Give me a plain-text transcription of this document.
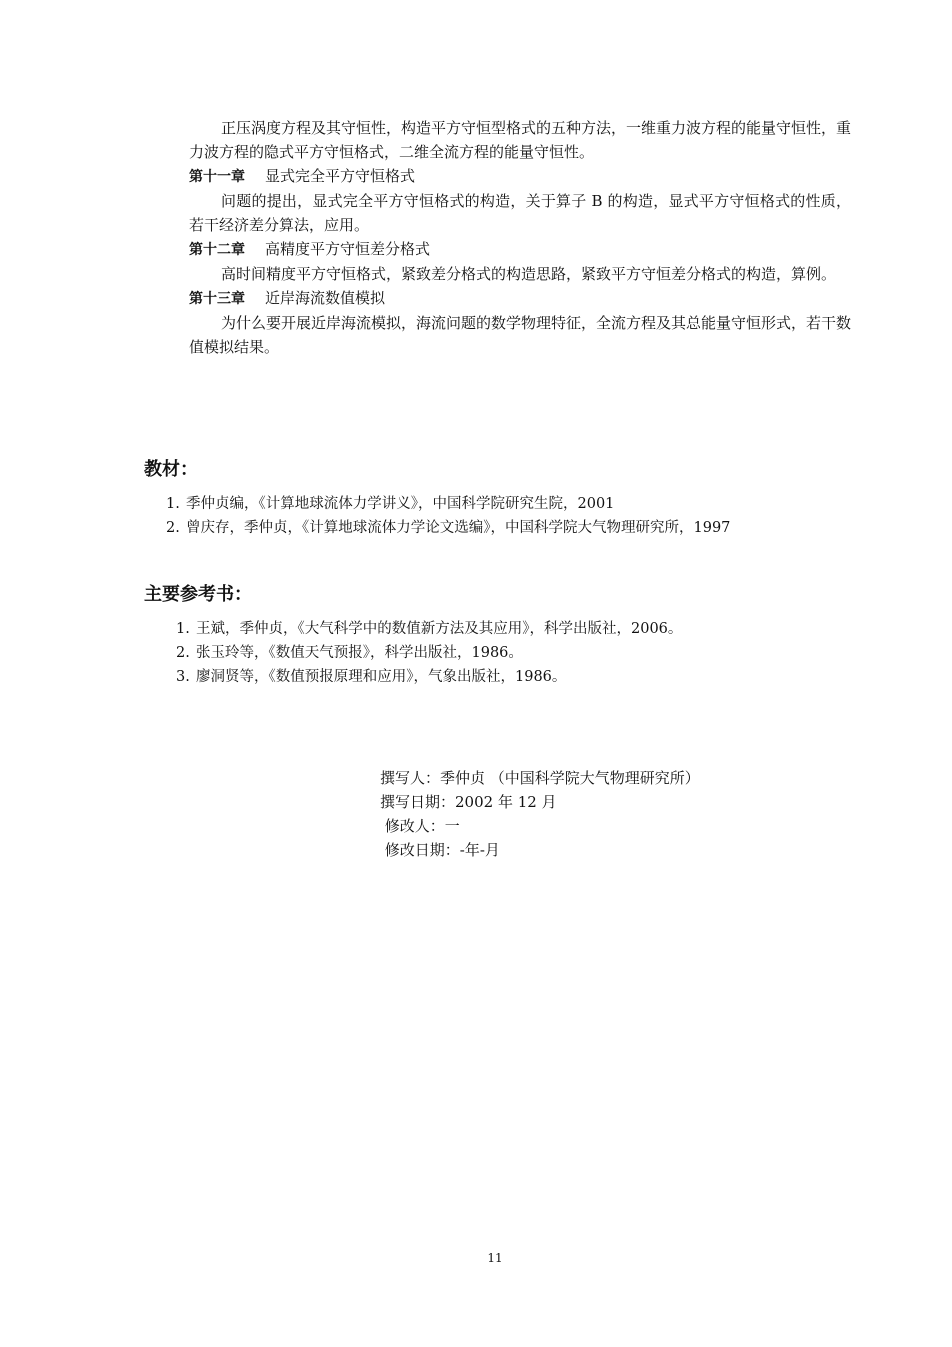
正压涡度方程及其守恒性，构造平方守恒型格式的五种方法，一维重力波方程的能量守恒性，重力波方程的隐式平方守恒格式，二维全流方程的能量守恒性。

第十一章 显式完全平方守恒格式

问题的提出，显式完全平方守恒格式的构造，关于算子 B 的构造，显式平方守恒格式的性质，若干经济差分算法，应用。

第十二章 高精度平方守恒差分格式

高时间精度平方守恒格式，紧致差分格式的构造思路，紧致平方守恒差分格式的构造，算例。

第十三章 近岸海流数值模拟

为什么要开展近岸海流模拟，海流问题的数学物理特征，全流方程及其总能量守恒形式，若干数值模拟结果。

教材：
1. 季仲贞编，《计算地球流体力学讲义》，中国科学院研究生院，2001
2. 曾庆存，季仲贞，《计算地球流体力学论文选编》，中国科学院大气物理研究所，1997
主要参考书：
1. 王斌，季仲贞，《大气科学中的数值新方法及其应用》，科学出版社，2006。
2. 张玉玲等，《数值天气预报》，科学出版社，1986。
3. 廖洞贤等，《数值预报原理和应用》，气象出版社，1986。
撰写人：季仲贞 （中国科学院大气物理研究所）
撰写日期：2002 年 12 月
修改人：一
修改日期：-年-月
11
